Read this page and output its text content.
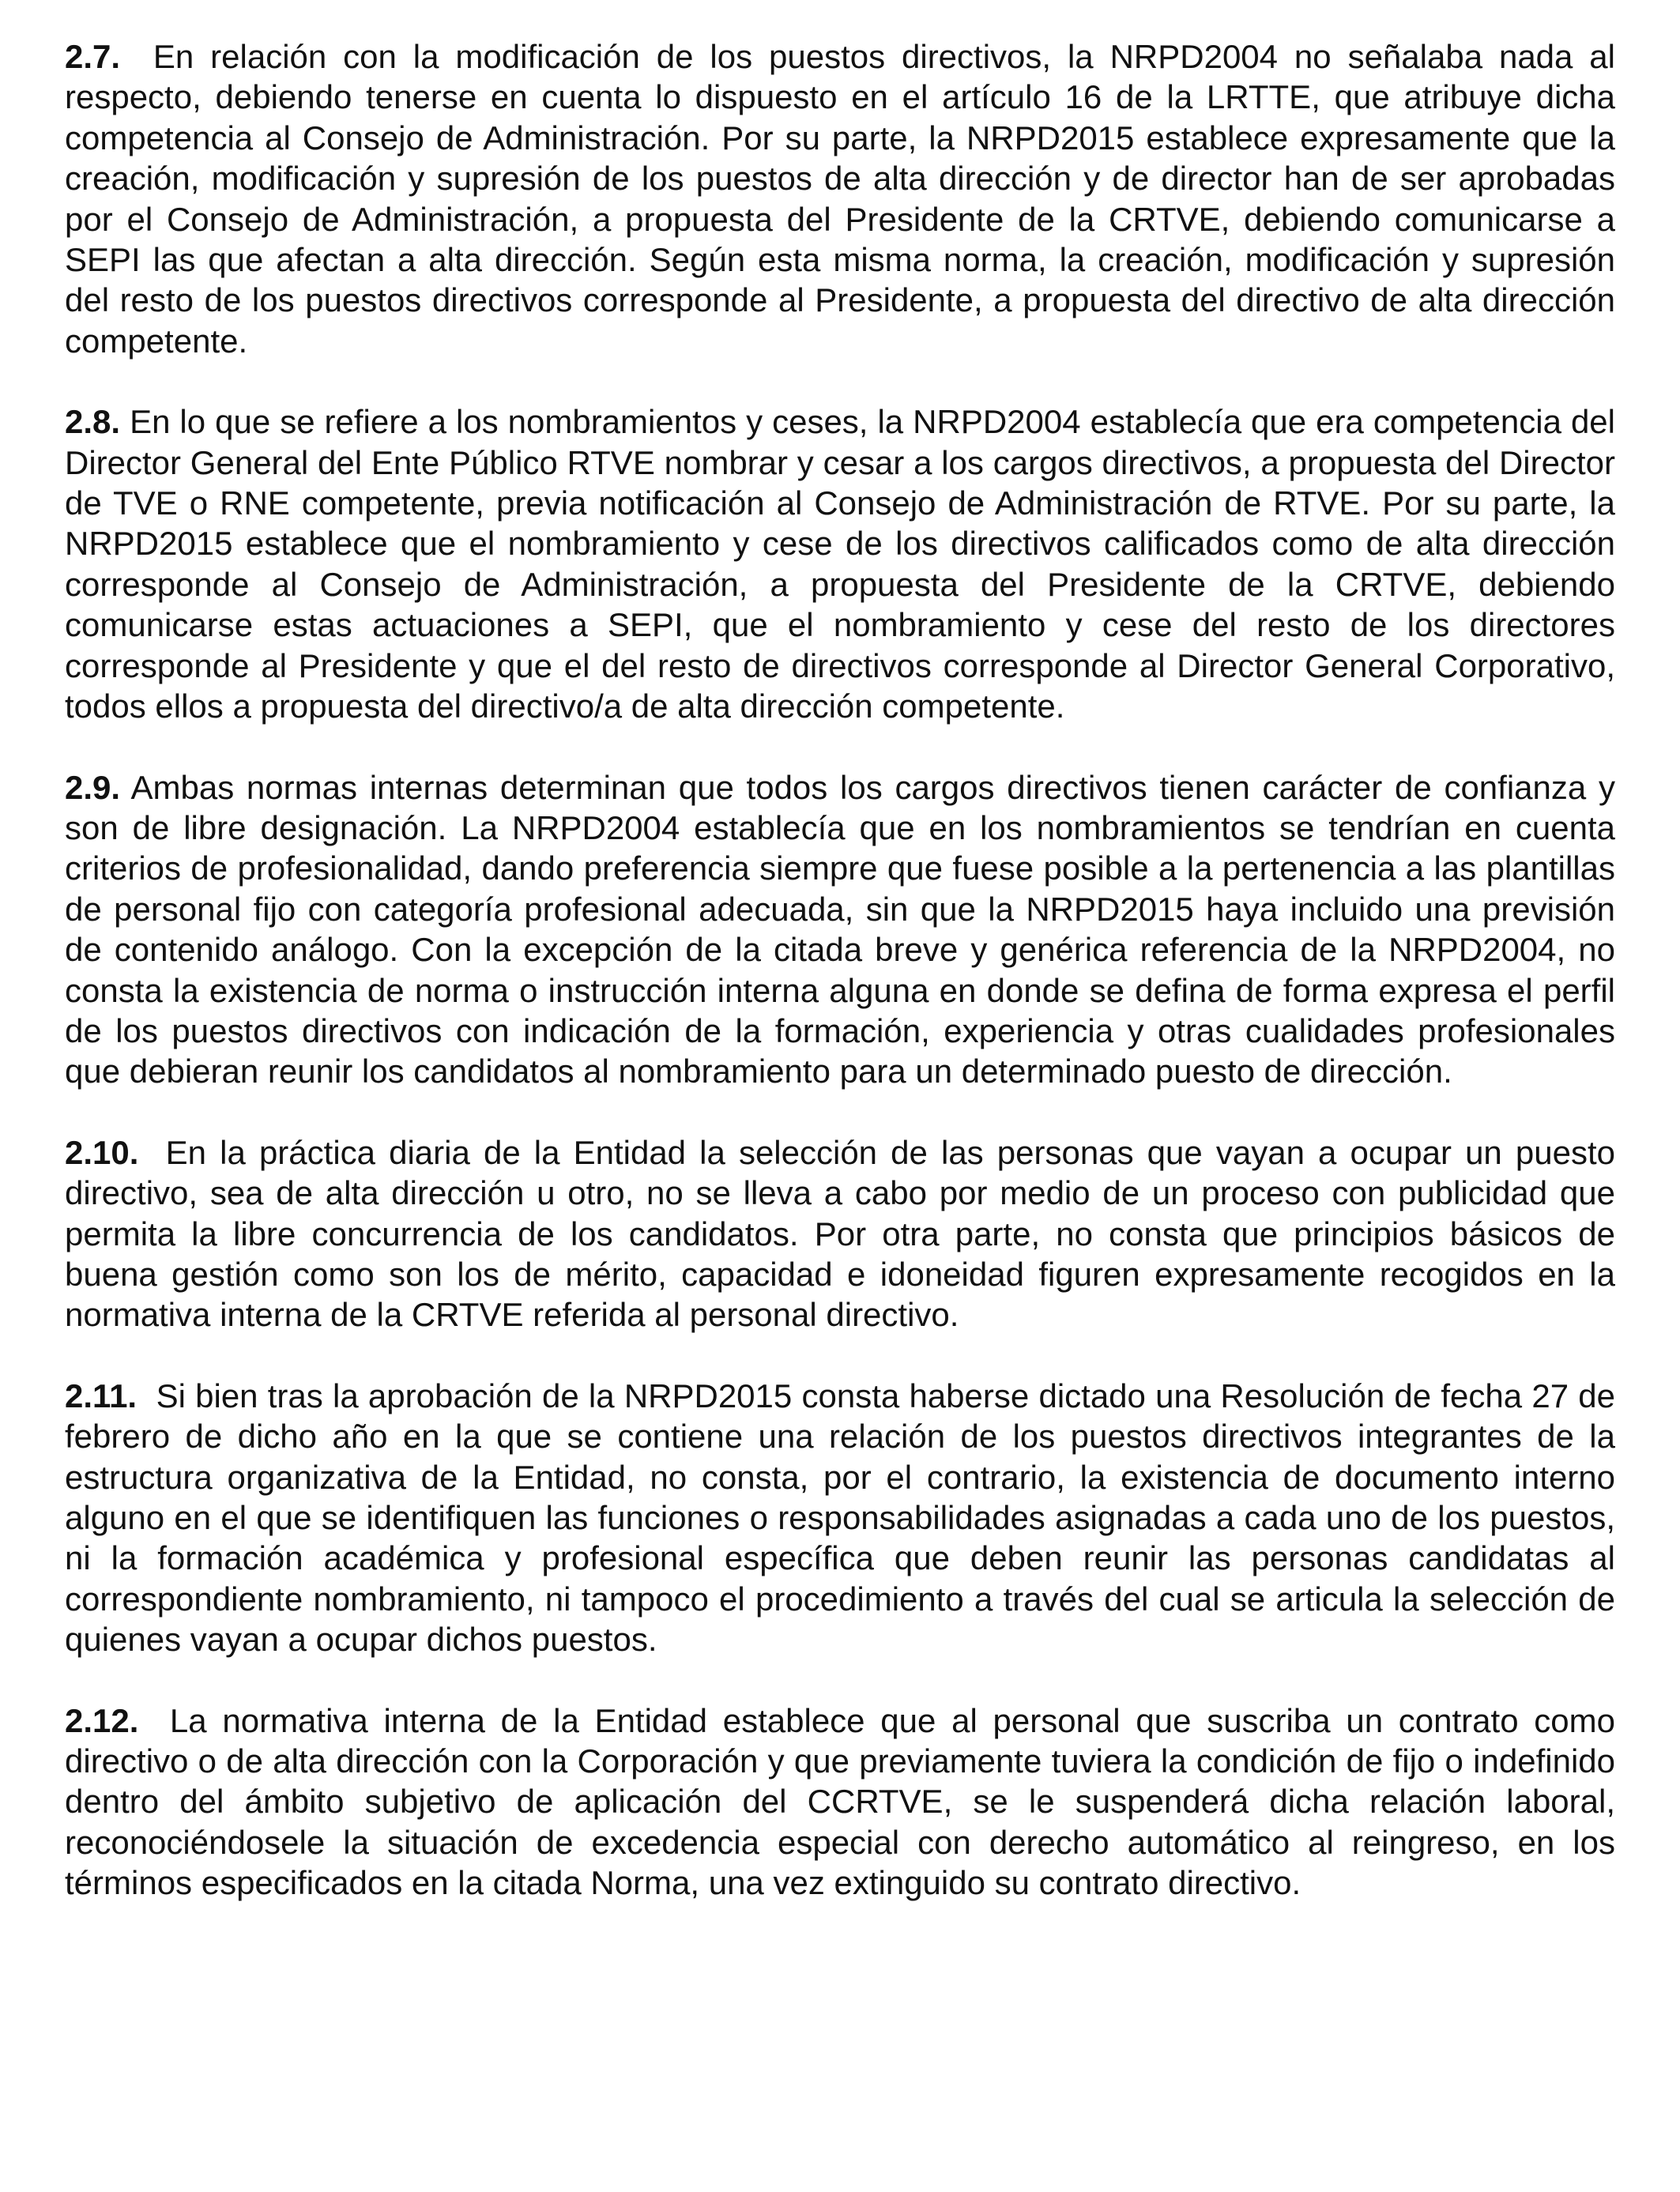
2.7. En relación con la modificación de los puestos directivos, la NRPD2004 no señalaba nada al respecto, debiendo tenerse en cuenta lo dispuesto en el artículo 16 de la LRTTE, que atribuye dicha competencia al Consejo de Administración. Por su parte, la NRPD2015 establece expresamente que la creación, modificación y supresión de los puestos de alta dirección y de director han de ser aprobadas por el Consejo de Administración, a propuesta del Presidente de la CRTVE, debiendo comunicarse a SEPI las que afectan a alta dirección. Según esta misma norma, la creación, modificación y supresión del resto de los puestos directivos corresponde al Presidente, a propuesta del directivo de alta dirección competente.

2.8. En lo que se refiere a los nombramientos y ceses, la NRPD2004 establecía que era competencia del Director General del Ente Público RTVE nombrar y cesar a los cargos directivos, a propuesta del Director de TVE o RNE competente, previa notificación al Consejo de Administración de RTVE. Por su parte, la NRPD2015 establece que el nombramiento y cese de los directivos calificados como de alta dirección corresponde al Consejo de Administración, a propuesta del Presidente de la CRTVE, debiendo comunicarse estas actuaciones a SEPI, que el nombramiento y cese del resto de los directores corresponde al Presidente y que el del resto de directivos corresponde al Director General Corporativo, todos ellos a propuesta del directivo/a de alta dirección competente.

2.9. Ambas normas internas determinan que todos los cargos directivos tienen carácter de confianza y son de libre designación. La NRPD2004 establecía que en los nombramientos se tendrían en cuenta criterios de profesionalidad, dando preferencia siempre que fuese posible a la pertenencia a las plantillas de personal fijo con categoría profesional adecuada, sin que la NRPD2015 haya incluido una previsión de contenido análogo. Con la excepción de la citada breve y genérica referencia de la NRPD2004, no consta la existencia de norma o instrucción interna alguna en donde se defina de forma expresa el perfil de los puestos directivos con indicación de la formación, experiencia y otras cualidades profesionales que debieran reunir los candidatos al nombramiento para un determinado puesto de dirección.

2.10. En la práctica diaria de la Entidad la selección de las personas que vayan a ocupar un puesto directivo, sea de alta dirección u otro, no se lleva a cabo por medio de un proceso con publicidad que permita la libre concurrencia de los candidatos. Por otra parte, no consta que principios básicos de buena gestión como son los de mérito, capacidad e idoneidad figuren expresamente recogidos en la normativa interna de la CRTVE referida al personal directivo.

2.11. Si bien tras la aprobación de la NRPD2015 consta haberse dictado una Resolución de fecha 27 de febrero de dicho año en la que se contiene una relación de los puestos directivos integrantes de la estructura organizativa de la Entidad, no consta, por el contrario, la existencia de documento interno alguno en el que se identifiquen las funciones o responsabilidades asignadas a cada uno de los puestos, ni la formación académica y profesional específica que deben reunir las personas candidatas al correspondiente nombramiento, ni tampoco el procedimiento a través del cual se articula la selección de quienes vayan a ocupar dichos puestos.

2.12. La normativa interna de la Entidad establece que al personal que suscriba un contrato como directivo o de alta dirección con la Corporación y que previamente tuviera la condición de fijo o indefinido dentro del ámbito subjetivo de aplicación del CCRTVE, se le suspenderá dicha relación laboral, reconociéndosele la situación de excedencia especial con derecho automático al reingreso, en los términos especificados en la citada Norma, una vez extinguido su contrato directivo.
